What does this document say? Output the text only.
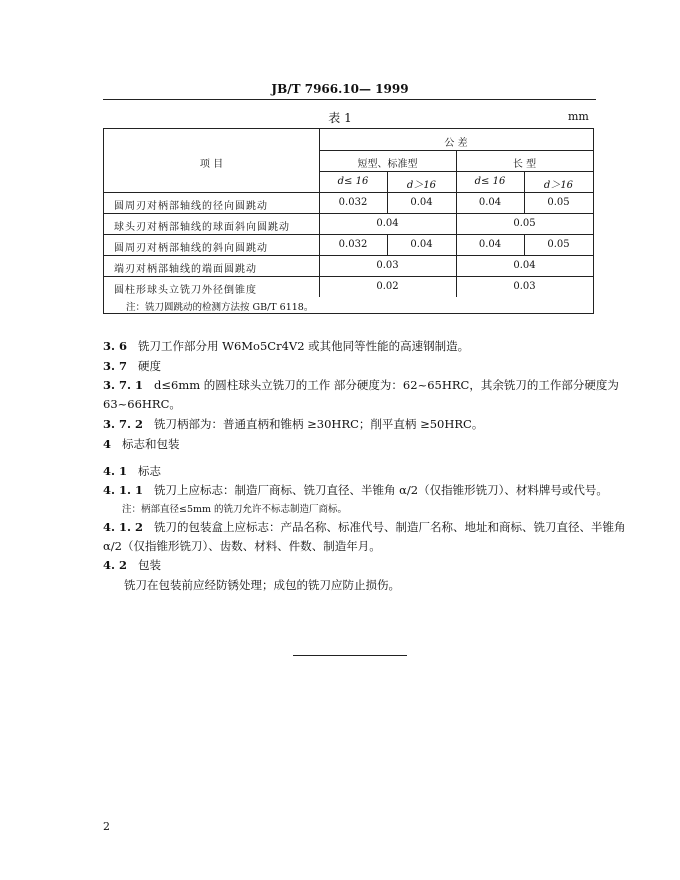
JB/T 7966.10— 1999
表 1	mm
项 目
公 差
短型、标准型	长 型
d≤ 16	d＞16	d≤ 16	d＞16
圆周刃对柄部轴线的径向圆跳动	0.032	0.04	0.04	0.05
球头刃对柄部轴线的球面斜向圆跳动	0.04	0.05
圆周刃对柄部轴线的斜向圆跳动	0.032	0.04	0.04	0.05
端刃对柄部轴线的端面圆跳动	0.03	0.04
圆柱形球头立铣刀外径倒锥度	0.02	0.03
注：铣刀圆跳动的检测方法按 GB/T 6118。
3. 6 铣刀工作部分用 W6Mo5Cr4V2 或其他同等性能的高速钢制造。
3. 7 硬度
3. 7. 1 d≤6mm 的圆柱球头立铣刀的工作 部分硬度为：62~65HRC，其余铣刀的工作部分硬度为
63~66HRC。
3. 7. 2 铣刀柄部为：普通直柄和锥柄 ≥30HRC；削平直柄 ≥50HRC。
4 标志和包装
4. 1 标志
4. 1. 1 铣刀上应标志：制造厂商标、铣刀直径、半锥角 α/2（仅指锥形铣刀）、材料牌号或代号。
注：柄部直径≤5mm 的铣刀允许不标志制造厂商标。
4. 1. 2 铣刀的包装盒上应标志：产品名称、标准代号、制造厂名称、地址和商标、铣刀直径、半锥角
α/2（仅指锥形铣刀）、齿数、材料、件数、制造年月。
4. 2 包装
铣刀在包装前应经防锈处理；成包的铣刀应防止损伤。
2
